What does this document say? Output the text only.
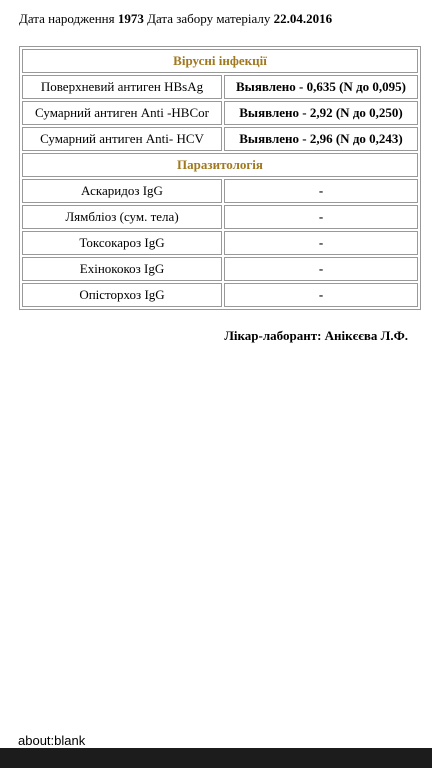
Дата народження 1973 Дата забору матеріалу 22.04.2016
Вірусні інфекції	
Поверхневий антиген HBsAg	Выявлено - 0,635 (N до 0,095)
Сумарний антиген Anti -HBCor	Выявлено - 2,92 (N до 0,250)
Сумарний антиген Anti- HCV	Выявлено - 2,96 (N до 0,243)
Паразитологія	
Аскаридоз IgG	-
Лямбліоз (сум. тела)	-
Токсокароз IgG	-
Ехінококоз IgG	-
Опісторхоз IgG	-
Лікар-лаборант: Анікєєва Л.Ф.
about:blank
